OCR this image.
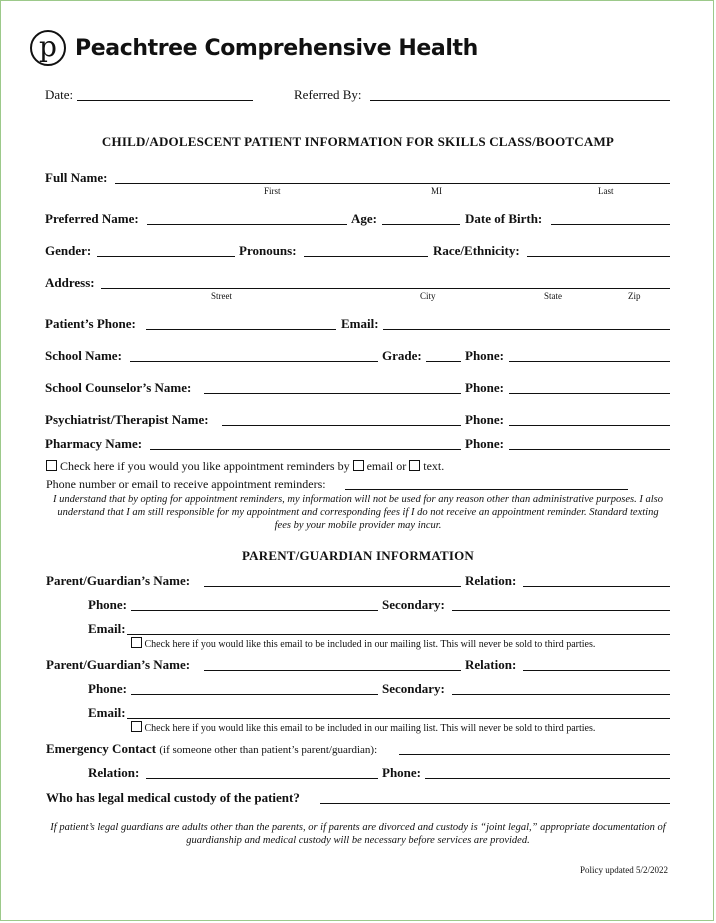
p Peachtree Comprehensive Health
Date:	Referred By:
CHILD/ADOLESCENT PATIENT INFORMATION FOR SKILLS CLASS/BOOTCAMP
Full Name:
First	MI	Last
Preferred Name:	Age:	Date of Birth:
Gender:	Pronouns:	Race/Ethnicity:
Address:
Street	City	State	Zip
Patient’s Phone:	Email:
School Name:	Grade:	Phone:
School Counselor’s Name:	Phone:
Psychiatrist/Therapist Name:	Phone:
Pharmacy Name:	Phone:
Check here if you would you like appointment reminders by email or text.
Phone number or email to receive appointment reminders:
I understand that by opting for appointment reminders, my information will not be used for any reason other than administrative purposes. I also understand that I am still responsible for my appointment and corresponding fees if I do not receive an appointment reminder. Standard texting fees by your mobile provider may incur.
PARENT/GUARDIAN INFORMATION
Parent/Guardian’s Name:	Relation:
Phone:	Secondary:
Email:
Check here if you would like this email to be included in our mailing list. This will never be sold to third parties.
Parent/Guardian’s Name:	Relation:
Phone:	Secondary:
Email:
Check here if you would like this email to be included in our mailing list. This will never be sold to third parties.
Emergency Contact (if someone other than patient’s parent/guardian):
Relation:	Phone:
Who has legal medical custody of the patient?
If patient’s legal guardians are adults other than the parents, or if parents are divorced and custody is “joint legal,” appropriate documentation of guardianship and medical custody will be necessary before services are provided.
Policy updated 5/2/2022
